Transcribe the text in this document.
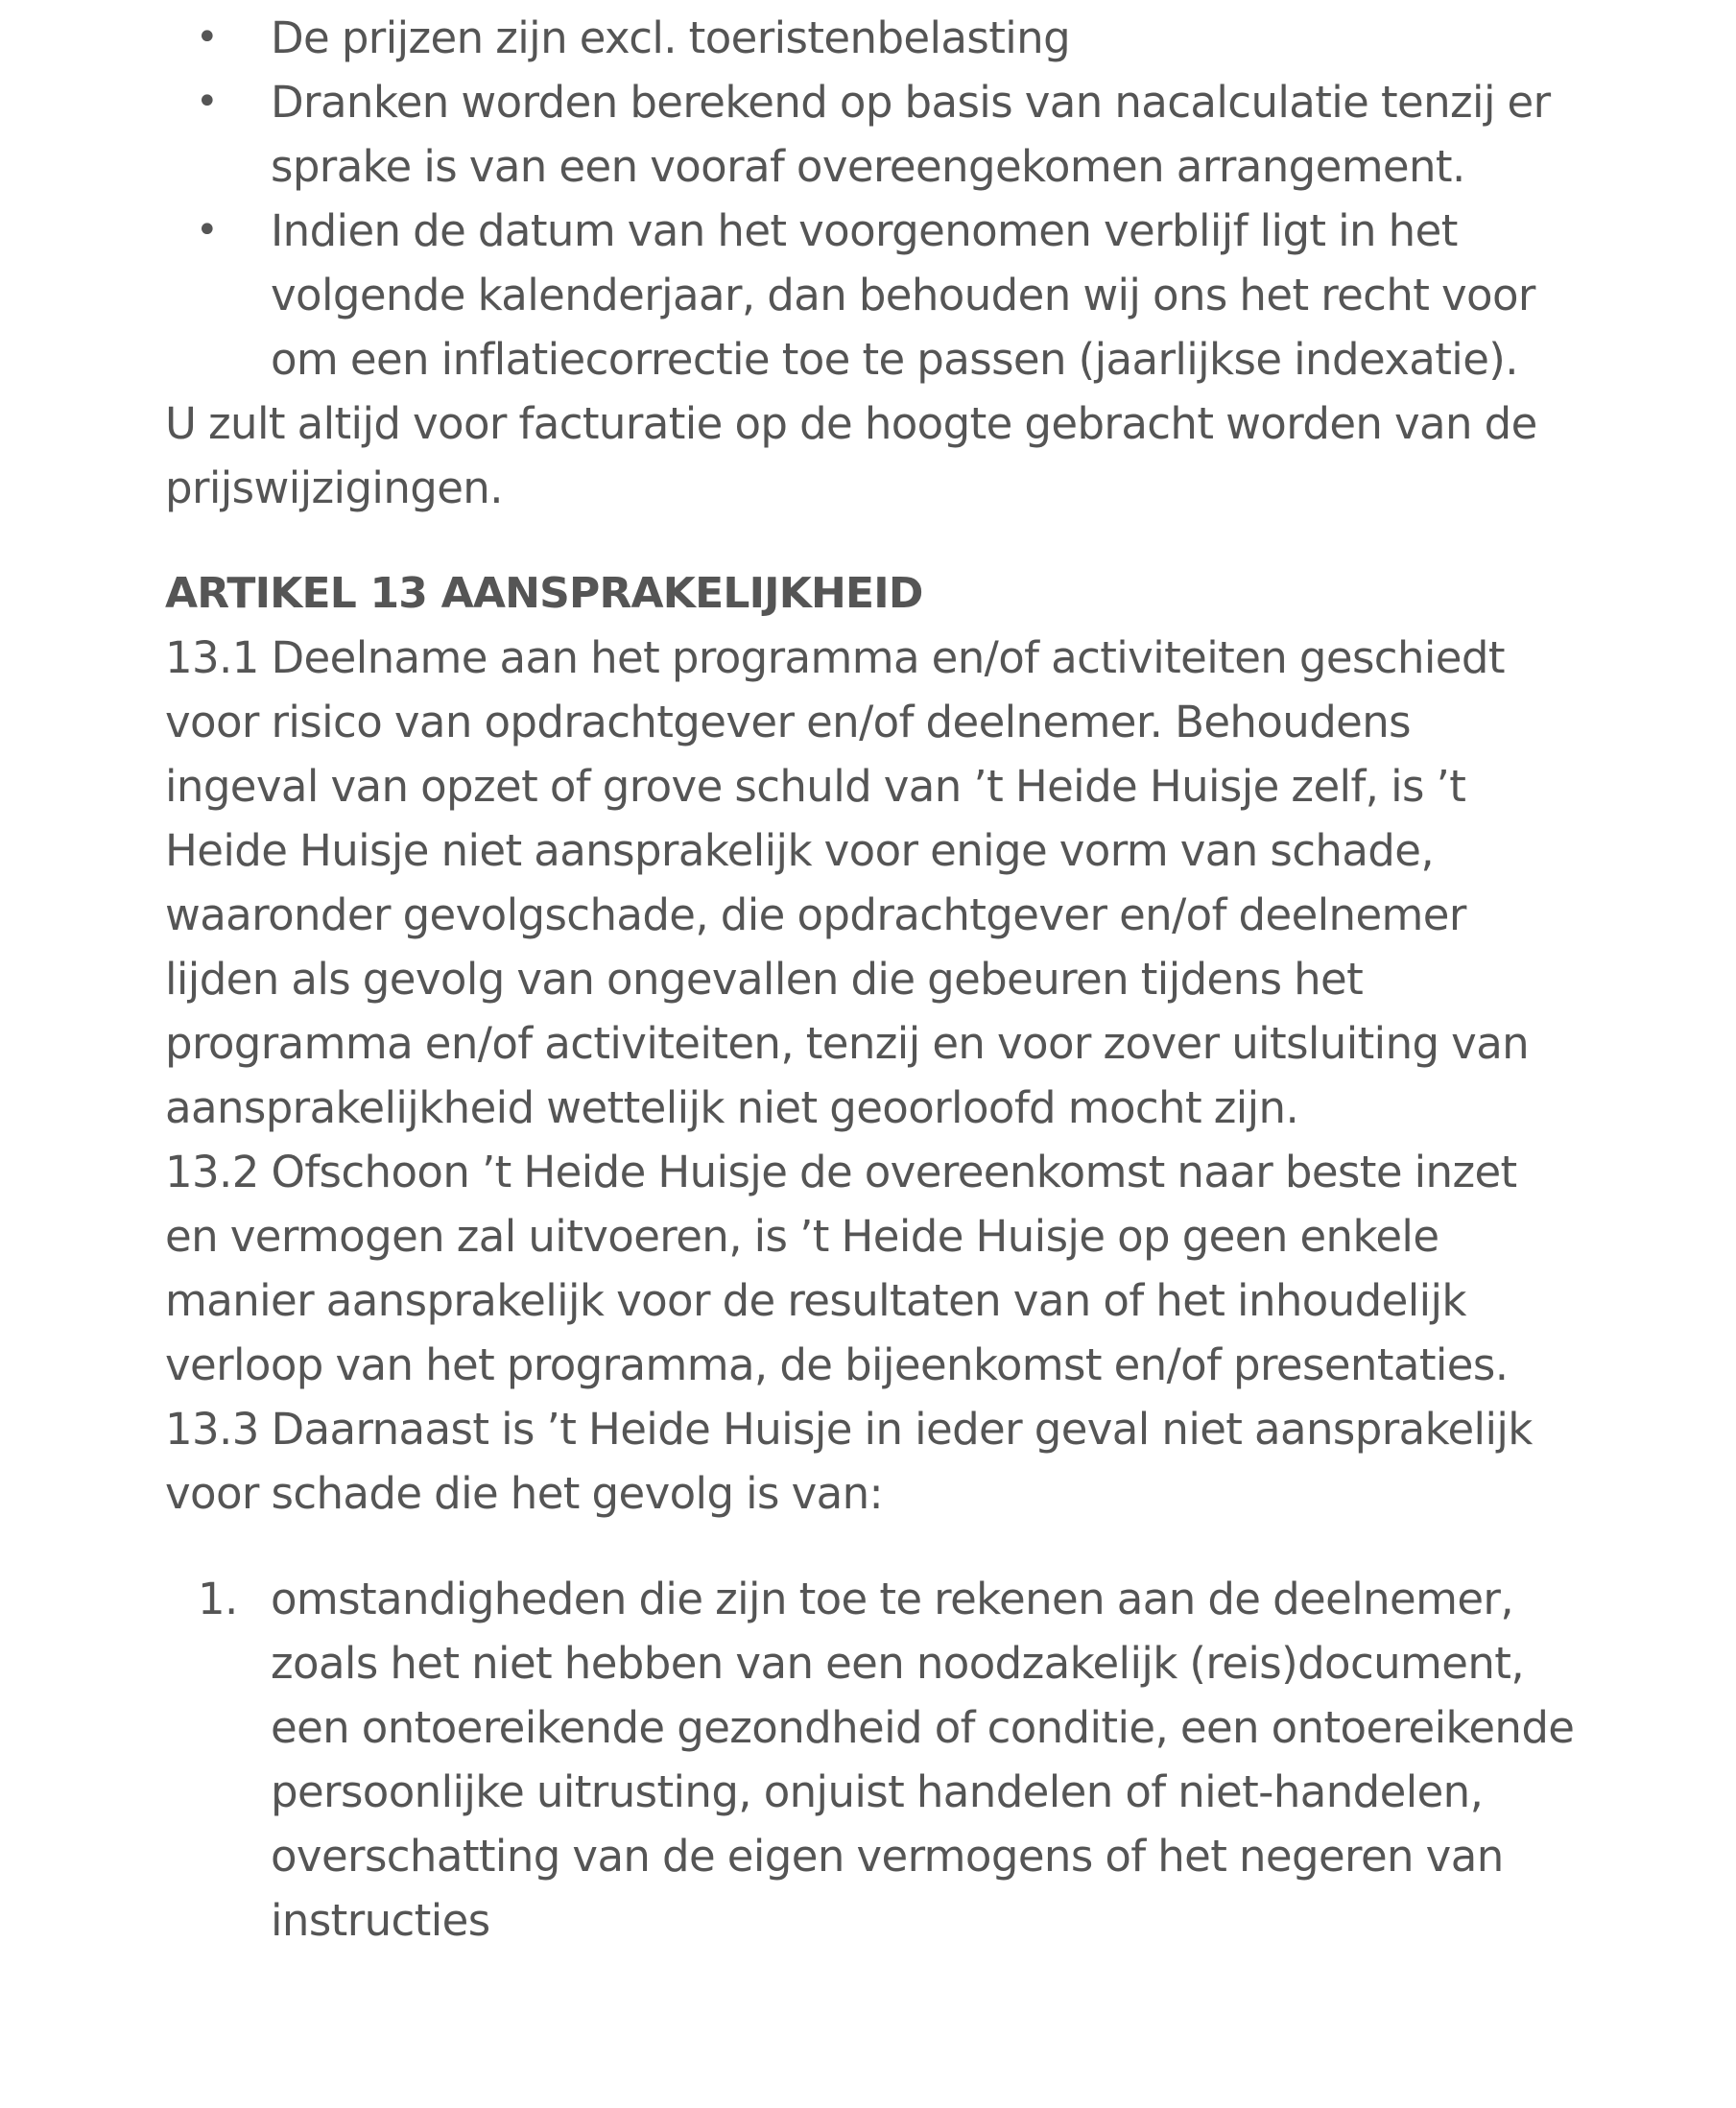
• De prijzen zijn excl. toeristenbelasting
• Dranken worden berekend op basis van nacalculatie tenzij er sprake is van een vooraf overeengekomen arrangement.
• Indien de datum van het voorgenomen verblijf ligt in het volgende kalenderjaar, dan behouden wij ons het recht voor om een inflatiecorrectie toe te passen (jaarlijkse indexatie).

U zult altijd voor facturatie op de hoogte gebracht worden van de prijswijzigingen.

ARTIKEL 13 AANSPRAKELIJKHEID

13.1 Deelname aan het programma en/of activiteiten geschiedt voor risico van opdrachtgever en/of deelnemer. Behoudens ingeval van opzet of grove schuld van ’t Heide Huisje zelf, is ’t Heide Huisje niet aansprakelijk voor enige vorm van schade, waaronder gevolgschade, die opdrachtgever en/of deelnemer lijden als gevolg van ongevallen die gebeuren tijdens het programma en/of activiteiten, tenzij en voor zover uitsluiting van aansprakelijkheid wettelijk niet geoorloofd mocht zijn.

13.2 Ofschoon ’t Heide Huisje de overeenkomst naar beste inzet en vermogen zal uitvoeren, is ’t Heide Huisje op geen enkele manier aansprakelijk voor de resultaten van of het inhoudelijk verloop van het programma, de bijeenkomst en/of presentaties.

13.3 Daarnaast is ’t Heide Huisje in ieder geval niet aansprakelijk voor schade die het gevolg is van:

1. omstandigheden die zijn toe te rekenen aan de deelnemer, zoals het niet hebben van een noodzakelijk (reis)document, een ontoereikende gezondheid of conditie, een ontoereikende persoonlijke uitrusting, onjuist handelen of niet-handelen, overschatting van de eigen vermogens of het negeren van instructies
